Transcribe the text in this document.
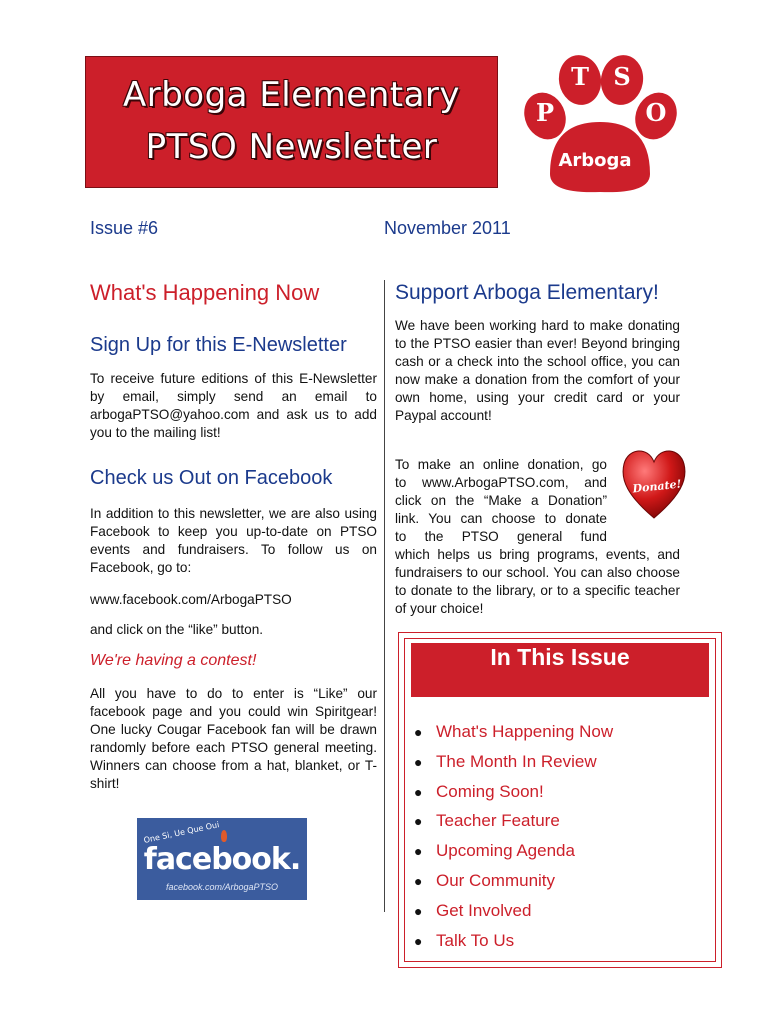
Arboga Elementary
PTSO Newsletter
P
T	S
O
Arboga
Issue #6	November 2011
What's Happening Now
Sign Up for this E-Newsletter
To receive future editions of this E-Newsletter by email, simply send an email to arbogaPTSO@yahoo.com and ask us to add you to the mailing list!
Check us Out on Facebook
In addition to this newsletter, we are also using Facebook to keep you up-to-date on PTSO events and fundraisers. To follow us on Facebook, go to:
www.facebook.com/ArbogaPTSO
and click on the “like” button.
We're having a contest!
All you have to do to enter is “Like” our facebook page and you could win Spiritgear! One lucky Cougar Facebook fan will be drawn randomly before each PTSO general meeting. Winners can choose from a hat, blanket, or T-shirt!
One Si, Ue Que Oui
facebook.
facebook.com/ArbogaPTSO
Support Arboga Elementary!
We have been working hard to make donating to the PTSO easier than ever! Beyond bringing cash or a check into the school office, you can now make a donation from the comfort of your own home, using your credit card or your Paypal account!
To make an online donation, go
to www.ArbogaPTSO.com, and
click on the “Make a Donation”
link. You can choose to donate
to the PTSO general fund
which helps us bring programs, events, and fundraisers to our school. You can also choose to donate to the library, or to a specific teacher of your choice!
Donate!
In This Issue
● What's Happening Now
● The Month In Review
● Coming Soon!
● Teacher Feature
● Upcoming Agenda
● Our Community
● Get Involved
● Talk To Us
